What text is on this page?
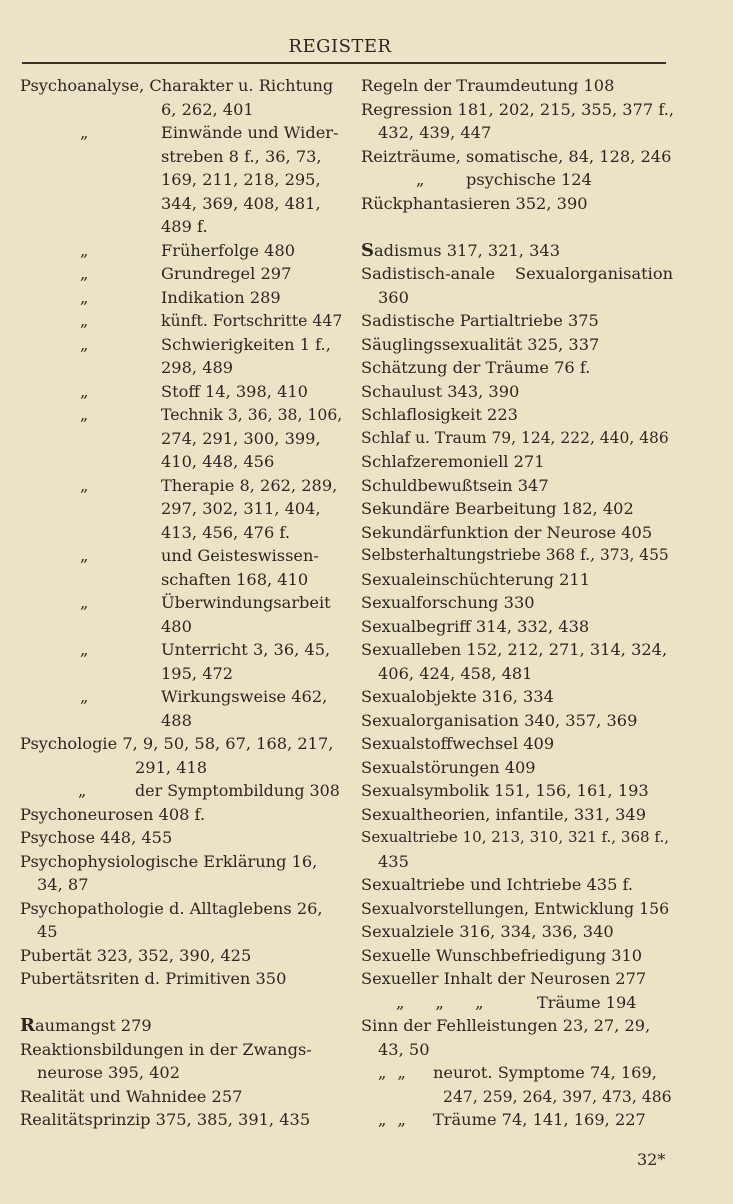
REGISTER
Psychoanalyse, Charakter u. Richtung
6, 262, 401
„	Einwände und Wider-
streben 8 f., 36, 73,
169, 211, 218, 295,
344, 369, 408, 481,
489 f.
„	Früherfolge 480
„	Grundregel 297
„	Indikation 289
„	künft. Fortschritte 447
„	Schwierigkeiten 1 f.,
298, 489
„	Stoff 14, 398, 410
„	Technik 3, 36, 38, 106,
274, 291, 300, 399,
410, 448, 456
„	Therapie 8, 262, 289,
297, 302, 311, 404,
413, 456, 476 f.
„	und Geisteswissen-
schaften 168, 410
„	Überwindungsarbeit
480
„	Unterricht 3, 36, 45,
195, 472
„	Wirkungsweise 462,
488
Psychologie 7, 9, 50, 58, 67, 168, 217,
291, 418
„	der Symptombildung 308
Psychoneurosen 408 f.
Psychose 448, 455
Psychophysiologische Erklärung 16,
34, 87
Psychopathologie d. Alltaglebens 26,
45
Pubertät 323, 352, 390, 425
Pubertätsriten d. Primitiven 350
Raumangst 279
Reaktionsbildungen in der Zwangs-
neurose 395, 402
Realität und Wahnidee 257
Realitätsprinzip 375, 385, 391, 435
Regeln der Traumdeutung 108
Regression 181, 202, 215, 355, 377 f.,
432, 439, 447
Reizträume, somatische, 84, 128, 246
„	psychische 124
Rückphantasieren 352, 390
Sadismus 317, 321, 343
Sadistisch-anale Sexualorganisation
360
Sadistische Partialtriebe 375
Säuglingssexualität 325, 337
Schätzung der Träume 76 f.
Schaulust 343, 390
Schlaflosigkeit 223
Schlaf u. Traum 79, 124, 222, 440, 486
Schlafzeremoniell 271
Schuldbewußtsein 347
Sekundäre Bearbeitung 182, 402
Sekundärfunktion der Neurose 405
Selbsterhaltungstriebe 368 f., 373, 455
Sexualeinschüchterung 211
Sexualforschung 330
Sexualbegriff 314, 332, 438
Sexualleben 152, 212, 271, 314, 324,
406, 424, 458, 481
Sexualobjekte 316, 334
Sexualorganisation 340, 357, 369
Sexualstoffwechsel 409
Sexualstörungen 409
Sexualsymbolik 151, 156, 161, 193
Sexualtheorien, infantile, 331, 349
Sexualtriebe 10, 213, 310, 321 f., 368 f.,
435
Sexualtriebe und Ichtriebe 435 f.
Sexualvorstellungen, Entwicklung 156
Sexualziele 316, 334, 336, 340
Sexuelle Wunschbefriedigung 310
Sexueller Inhalt der Neurosen 277
„ „ „	Träume 194
Sinn der Fehlleistungen 23, 27, 29,
43, 50
„ „ neurot. Symptome 74, 169,
247, 259, 264, 397, 473, 486
„ „ Träume 74, 141, 169, 227
32*
